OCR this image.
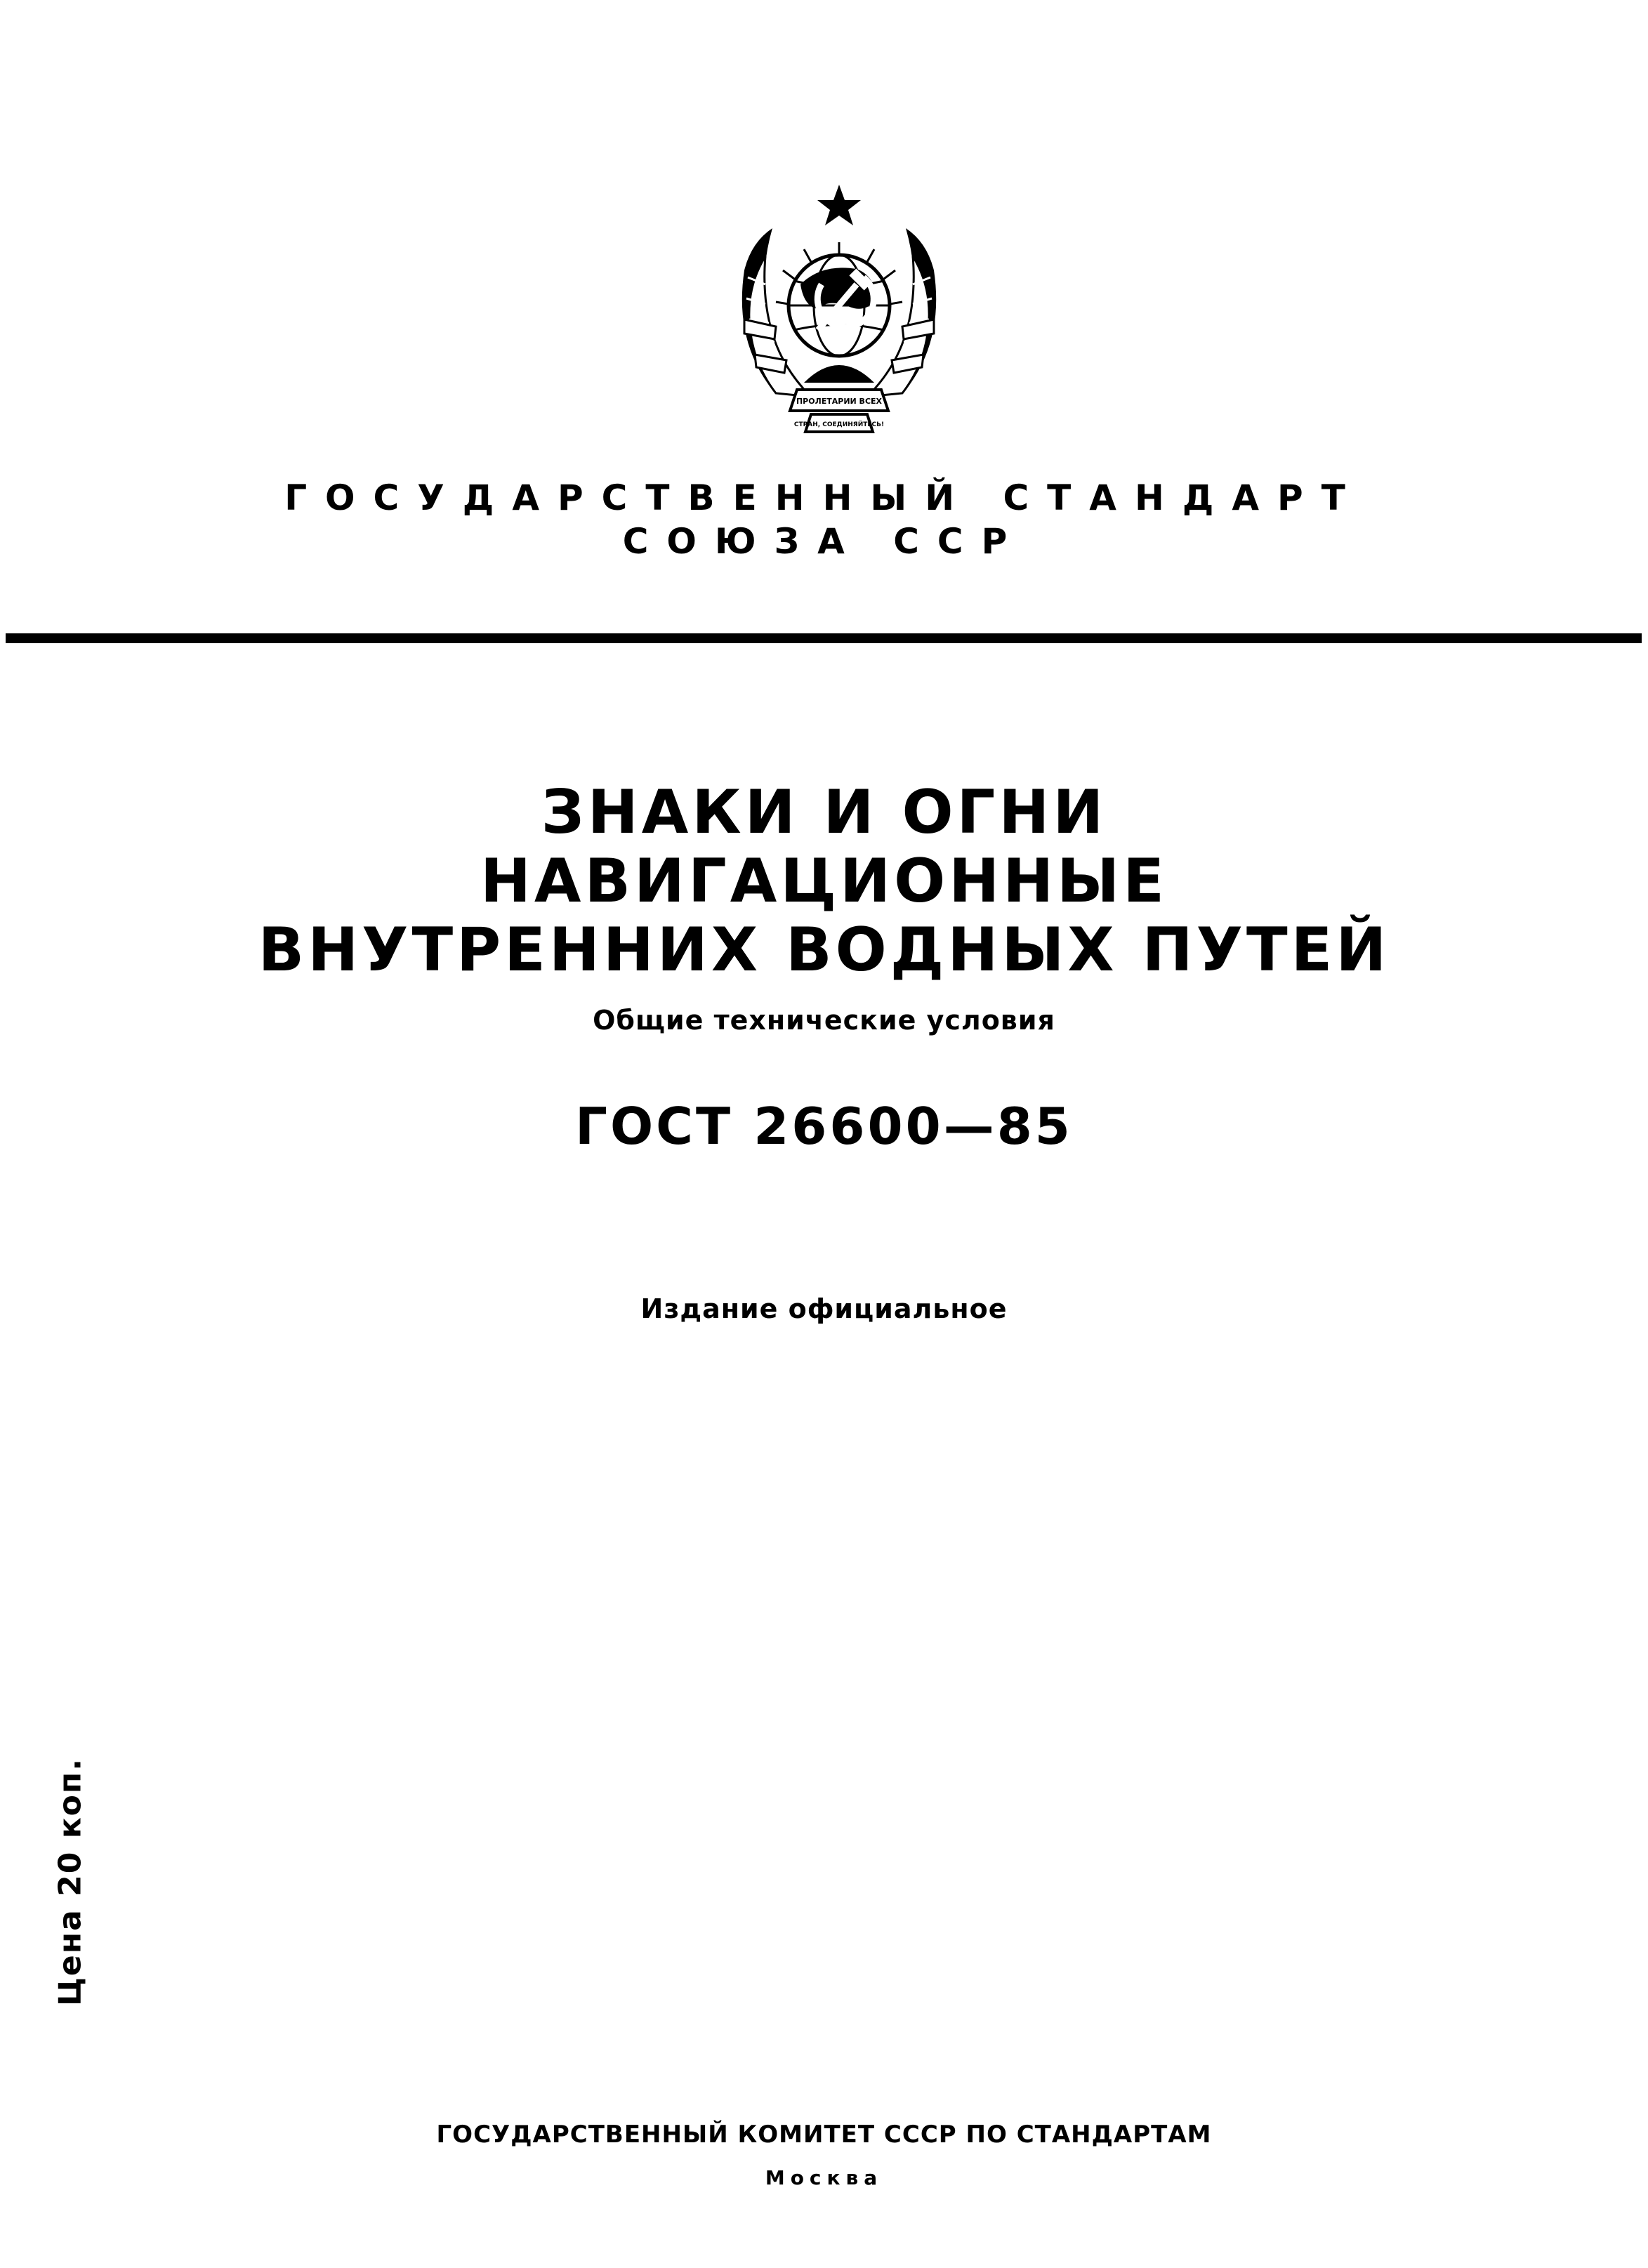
ПРОЛЕТАРИИ ВСЕХ
СТРАН, СОЕДИНЯЙТЕСЬ!
ГОСУДАРСТВЕННЫЙ СТАНДАРТ
СОЮЗА ССР
ЗНАКИ И ОГНИ
НАВИГАЦИОННЫЕ
ВНУТРЕННИХ ВОДНЫХ ПУТЕЙ
Общие технические условия
ГОСТ 26600—85
Издание официальное
Цена 20 коп.
ГОСУДАРСТВЕННЫЙ КОМИТЕТ СССР ПО СТАНДАРТАМ
Москва
